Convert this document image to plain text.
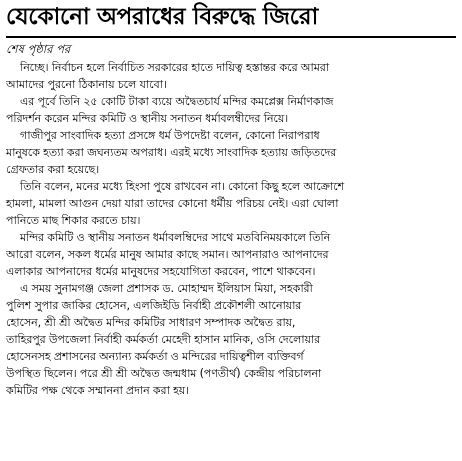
যেকোনো অপরাধের বিরুদ্ধে জিরো
শেষ পৃষ্ঠার পর
নিচ্ছে। নির্বাচন হলে নির্বাচিত সরকারের হাতে দায়িত্ব হস্তান্তর করে আমরা
আমাদের পুরনো ঠিকানায় চলে যাবো।
এর পূর্বে তিনি ২৫ কোটি টাকা ব্যয়ে অদ্বৈতচার্য মন্দির কমপ্লেক্স নির্মাণকাজ
পরিদর্শন করেন মন্দির কমিটি ও স্থানীয় সনাতন ধর্মাবলম্বীদের নিয়ে।
গাজীপুর সাংবাদিক হত্যা প্রসঙ্গে ধর্ম উপদেষ্টা বলেন, কোনো নিরাপরাধ
মানুষকে হত্যা করা জঘন্যতম অপরাধ। এরই মধ্যে সাংবাদিক হত্যায় জড়িতদের
গ্রেফতার করা হয়েছে।
তিনি বলেন, মনের মধ্যে হিংসা পুষে রাখবেন না। কোনো কিছু হলে আক্রোশে
হামলা, মামলা আগুন দেয়া যারা তাদের কোনো ধর্মীয় পরিচয় নেই। এরা ঘোলা
পানিতে মাছ শিকার করতে চায়।
মন্দির কমিটি ও স্থানীয় সনাতন ধর্মাবলম্বিদের সাথে মতবিনিময়কালে তিনি
আরো বলেন, সকল ধর্মের মানুষ আমার কাছে সমান। আপনারাও আপনাদের
এলাকার আপনাদের ধর্মের মানুষদের সহযোগিতা করবেন, পাশে থাকবেন।
এ সময় সুনামগঞ্জ জেলা প্রশাসক ড. মোহাম্মদ ইলিয়াস মিয়া, সহকারী
পুলিশ সুপার জাকির হোসেন, এলজিইডি নির্বাহী প্রকৌশলী আনোয়ার
হোসেন, শ্রী শ্রী অদ্বৈত মন্দির কমিটির সাধারণ সম্পাদক অদ্বৈত রায়,
তাহিরপুর উপজেলা নির্বাহী কর্মকর্তা মেহেদী হাসান মানিক, ওসি দেলোয়ার
হোসেনসহ প্রশাসনের অন্যান্য কর্মকর্তা ও মন্দিরের দায়িত্বশীল ব্যক্তিবর্গ
উপস্থিত ছিলেন। পরে শ্রী শ্রী অদ্বৈত জন্মধাম (পণতীর্থ) কেন্দ্রীয় পরিচালনা
কমিটির পক্ষ থেকে সম্মাননা প্রদান করা হয়।
